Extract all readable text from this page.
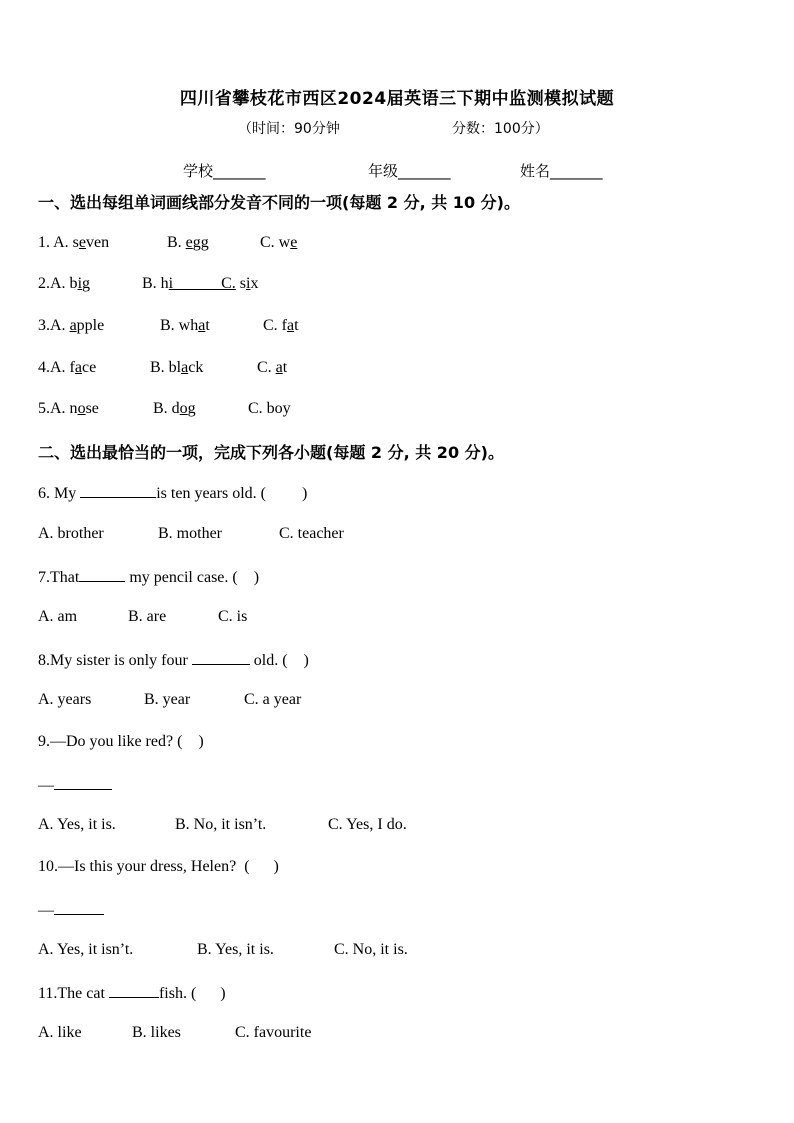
四川省攀枝花市西区2024届英语三下期中监测模拟试题
（时间：90分钟	分数：100分）
学校_______	年级_______	姓名_______
一、选出每组单词画线部分发音不同的一项(每题 2 分, 共 10 分)。
1. A. seven	B. egg	C. we
2.A. big	B. hi______C. six
3.A. apple	B. what	C. fat
4.A. face	B. black	C. at
5.A. nose	B. dog	C. boy
二、选出最恰当的一项，完成下列各小题(每题 2 分, 共 20 分)。
6. My	is ten years old. (         )
A. brother	B. mother	C. teacher
7.That	my pencil case. (    )
A. am	B. are	C. is
8.My sister is only four	old. (    )
A. years	B. year	C. a year
9.—Do you like red? (    )
—
A. Yes, it is.	B. No, it isn’t.	C. Yes, I do.
10.—Is this your dress, Helen?  (      )
—
A. Yes, it isn’t.	B. Yes, it is.	C. No, it is.
11.The cat	fish. (      )
A. like	B. likes	C. favourite
